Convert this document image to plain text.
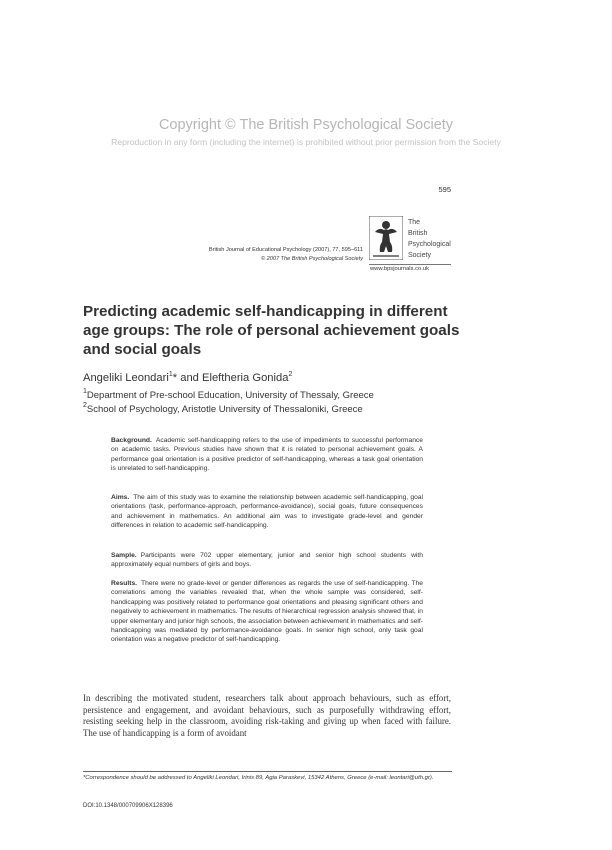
Copyright © The British Psychological Society
Reproduction in any form (including the internet) is prohibited without prior permission from the Society
595
British Journal of Educational Psychology (2007), 77, 595–611
© 2007 The British Psychological Society
The
British
Psychological
Society
www.bpsjournals.co.uk
Predicting academic self-handicapping in different age groups: The role of personal achievement goals and social goals
Angeliki Leondari$^1$* and Eleftheria Gonida$^2$
$^1$Department of Pre-school Education, University of Thessaly, Greece
$^2$School of Psychology, Aristotle University of Thessaloniki, Greece

Background. Academic self-handicapping refers to the use of impediments to successful performance on academic tasks. Previous studies have shown that it is related to personal achievement goals. A performance goal orientation is a positive predictor of self-handicapping, whereas a task goal orientation is unrelated to self-handicapping.

Aims. The aim of this study was to examine the relationship between academic self-handicapping, goal orientations (task, performance-approach, performance-avoidance), social goals, future consequences and achievement in mathematics. An additional aim was to investigate grade-level and gender differences in relation to academic self-handicapping.

Sample. Participants were 702 upper elementary, junior and senior high school students with approximately equal numbers of girls and boys.

Results. There were no grade-level or gender differences as regards the use of self-handicapping. The correlations among the variables revealed that, when the whole sample was considered, self-handicapping was positively related to performance goal orientations and pleasing significant others and negatively to achievement in mathematics. The results of hierarchical regression analysis showed that, in upper elementary and junior high schools, the association between achievement in mathematics and self-handicapping was mediated by performance-avoidance goals. In senior high school, only task goal orientation was a negative predictor of self-handicapping.

In describing the motivated student, researchers talk about approach behaviours, such as effort, persistence and engagement, and avoidant behaviours, such as purposefully withdrawing effort, resisting seeking help in the classroom, avoiding risk-taking and giving up when faced with failure. The use of handicapping is a form of avoidant

*Correspondence should be addressed to Angeliki Leondari, Irinis 89, Agia Paraskevi, 15342 Athens, Greece (e-mail: leontari@uth.gr).

DOI:10.1348/000709906X128396
